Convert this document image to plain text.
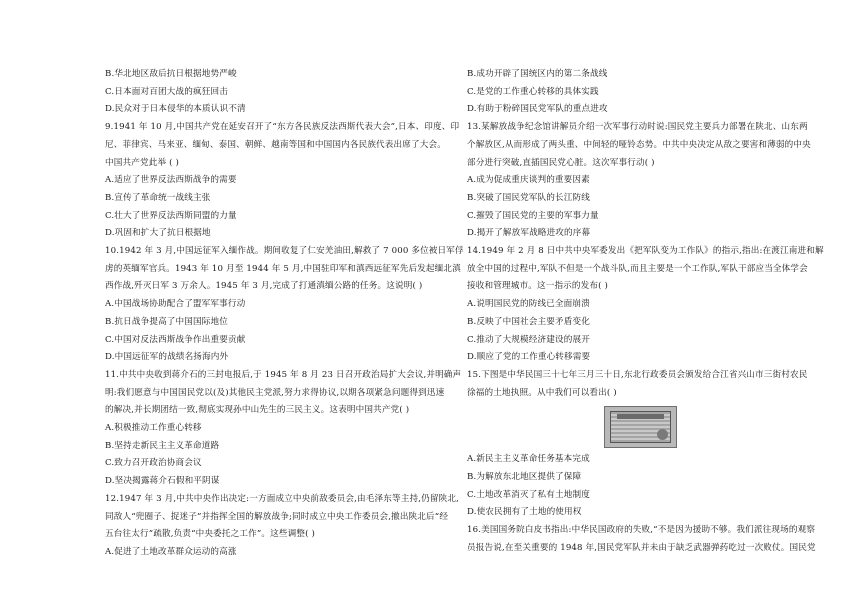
B.华北地区敌后抗日根据地势严峻
C.日本面对百团大战的疯狂回击
D.民众对于日本侵华的本质认识不清
9.1941 年 10 月,中国共产党在延安召开了“东方各民族反法西斯代表大会”,日本、印度、印
尼、菲律宾、马来亚、缅甸、泰国、朝鲜、越南等国和中国国内各民族代表出席了大会。
中国共产党此举 ( )
A.适应了世界反法西斯战争的需要
B.宣传了革命统一战线主张
C.壮大了世界反法西斯同盟的力量
D.巩固和扩大了抗日根据地
10.1942 年 3 月,中国远征军入缅作战。期间收复了仁安羌油田,解救了 7 000 多位被日军俘
虏的英缅军官兵。1943 年 10 月至 1944 年 5 月,中国驻印军和滇西远征军先后发起缅北滇
西作战,歼灭日军 3 万余人。1945 年 3 月,完成了打通滇缅公路的任务。这说明( )
A.中国战场协助配合了盟军军事行动
B.抗日战争提高了中国国际地位
C.中国对反法西斯战争作出重要贡献
D.中国远征军的战绩名扬海内外
11.中共中央收到蒋介石的三封电报后,于 1945 年 8 月 23 日召开政治局扩大会议,并明确声
明:我们愿意与中国国民党以(及)其他民主党派,努力求得协议,以期各项紧急问题得到迅速
的解决,并长期团结一致,彻底实现孙中山先生的三民主义。这表明中国共产党( )
A.积极推动工作重心转移
B.坚持走新民主主义革命道路
C.致力召开政治协商会议
D.坚决揭露蒋介石假和平阴谋
12.1947 年 3 月,中共中央作出决定:一方面成立中央前敌委员会,由毛泽东等主持,仍留陕北,
同敌人“兜圈子、捉迷子”并指挥全国的解放战争;同时成立中央工作委员会,撤出陕北后“经
五台往太行”疏散,负责“中央委托之工作”。这些调整( )
A.促进了土地改革群众运动的高涨
B.成功开辟了国统区内的第二条战线
C.是党的工作重心转移的具体实践
D.有助于粉碎国民党军队的重点进攻
13.某解放战争纪念馆讲解员介绍一次军事行动时说:国民党主要兵力部署在陕北、山东两
个解放区,从而形成了两头重、中间轻的哑铃态势。中共中央决定从敌之要害和薄弱的中央
部分进行突破,直插国民党心脏。这次军事行动( )
A.成为促成重庆谈判的重要因素
B.突破了国民党军队的长江防线
C.摧毁了国民党的主要的军事力量
D.揭开了解放军战略进攻的序幕
14.1949 年 2 月 8 日中共中央军委发出《把军队变为工作队》的指示,指出:在渡江南进和解
放全中国的过程中,军队不但是一个战斗队,而且主要是一个工作队,军队干部应当全体学会
接收和管理城市。这一指示的发布( )
A.说明国民党的防线已全面崩溃
B.反映了中国社会主要矛盾变化
C.推动了大规模经济建设的展开
D.顺应了党的工作重心转移需要
15.下图是中华民国三十七年三月三十日,东北行政委员会颁发给合江省兴山市三街村农民
徐福的土地执照。从中我们可以看出( )
A.新民主主义革命任务基本完成
B.为解放东北地区提供了保障
C.土地改革消灭了私有土地制度
D.使农民拥有了土地的使用权
16.美国国务院白皮书指出:中华民国政府的失败,“不是因为援助不够。我们派往现场的观察
员报告说,在至关重要的 1948 年,国民党军队并未由于缺乏武器弹药吃过一次败仗。国民党
